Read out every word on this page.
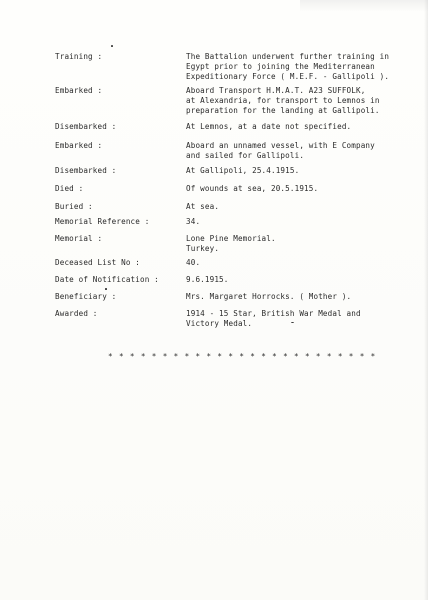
Training :	The Battalion underwent further training in
Egypt prior to joining the Mediterranean
Expeditionary Force ( M.E.F. - Gallipoli ).
Embarked :	Aboard Transport H.M.A.T. A23 SUFFOLK,
at Alexandria, for transport to Lemnos in
preparation for the landing at Gallipoli.
Disembarked :	At Lemnos, at a date not specified.
Embarked :	Aboard an unnamed vessel, with E Company
and sailed for Gallipoli.
Disembarked :	At Gallipoli, 25.4.1915.
Died :	Of wounds at sea, 20.5.1915.
Buried :	At sea.
Memorial Reference :	34.
Memorial :	Lone Pine Memorial.
Turkey.
Deceased List No :	40.
Date of Notification :	9.6.1915.
Beneficiary :	Mrs. Margaret Horrocks. ( Mother ).
Awarded :	1914 - 15 Star, British War Medal and
Victory Medal.
* * * * * * * * * * * * * * * * * * * * * * * * *
